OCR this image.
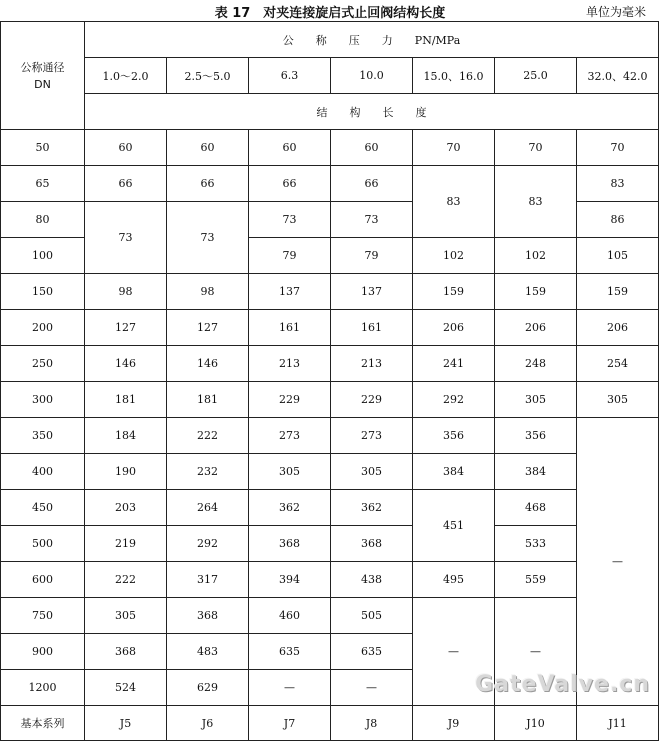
表 17　对夹连接旋启式止回阀结构长度	单位为毫米
公称通径
DN	公　　称　　压　　力　　PN/MPa						
	1.0～2.0	2.5～5.0	6.3	10.0	15.0、16.0	25.0	32.0、42.0
	结　　构　　长　　度						
50	60	60	60	60	70	70	70
65	66	66	66	66	83	83	83
80	73	73	73	73			86
100			79	79	102	102	105
150	98	98	137	137	159	159	159
200	127	127	161	161	206	206	206
250	146	146	213	213	241	248	254
300	181	181	229	229	292	305	305
350	184	222	273	273	356	356	—
400	190	232	305	305	384	384	
450	203	264	362	362	451	468	
500	219	292	368	368		533	
600	222	317	394	438	495	559	
750	305	368	460	505	—	—	
900	368	483	635	635			
1200	524	629	—	—			
基本系列	J5	J6	J7	J8	J9	J10	J11
GateValve.cn
